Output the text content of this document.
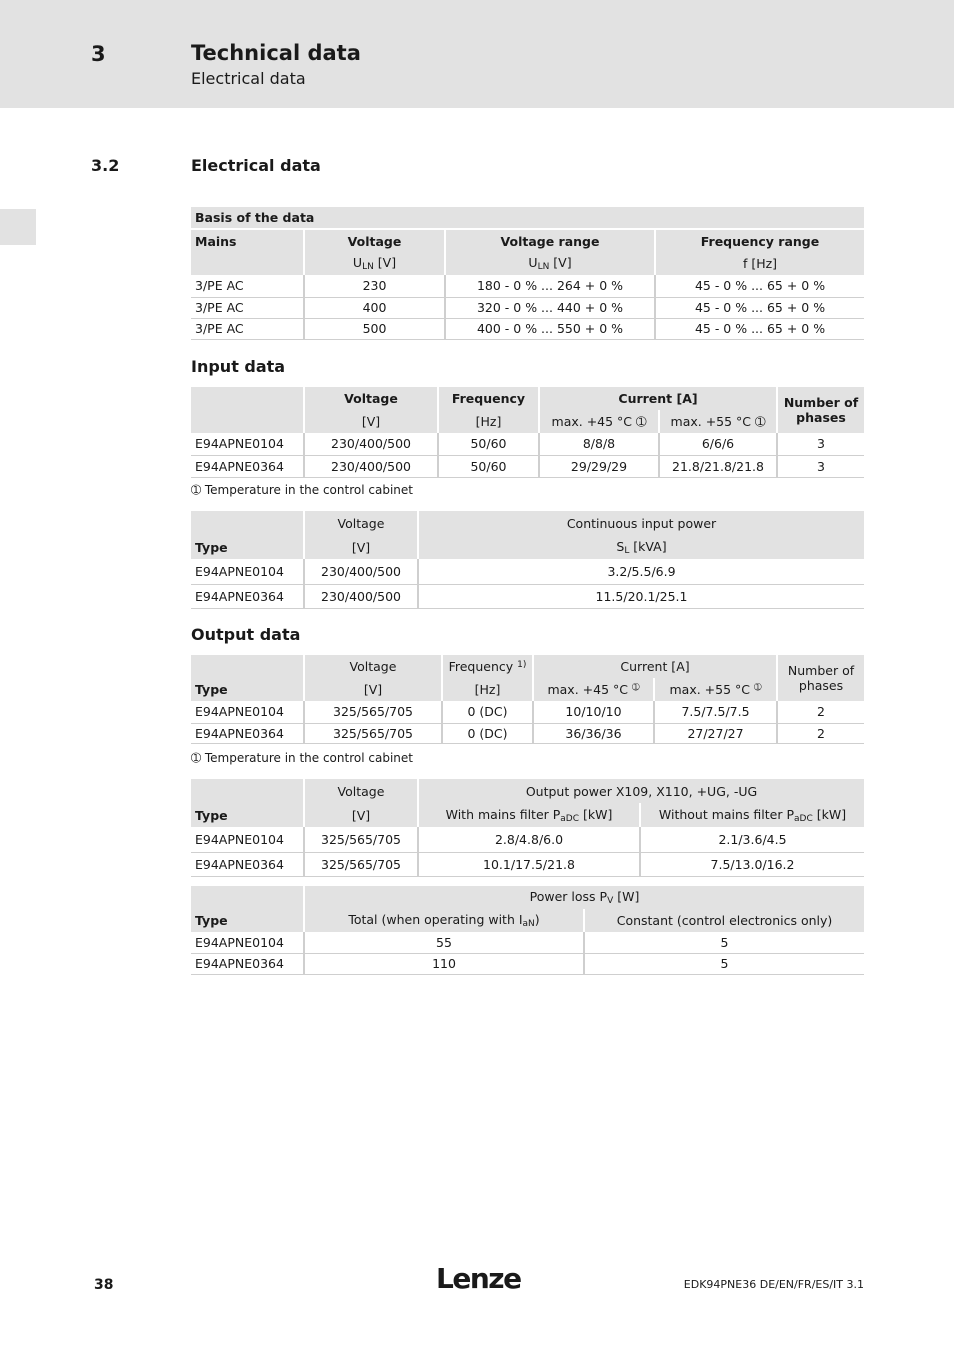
3	Technical data
Electrical data
3.2	Electrical data
Basis of the data			
Mains	Voltage	Voltage range	Frequency range
	$U_{LN}$ [V]	$U_{LN}$ [V]	f [Hz]
3/PE AC	230	180 - 0 % ... 264 + 0 %	45 - 0 % ... 65 + 0 %
3/PE AC	400	320 - 0 % ... 440 + 0 %	45 - 0 % ... 65 + 0 %
3/PE AC	500	400 - 0 % ... 550 + 0 %	45 - 0 % ... 65 + 0 %
Input data
	Voltage	Frequency	Current [A]		Number of phases
	[V]	[Hz]	max. +45 °C ➀	max. +55 °C ➀	
E94APNE0104	230/400/500	50/60	8/8/8	6/6/6	3
E94APNE0364	230/400/500	50/60	29/29/29	21.8/21.8/21.8	3
➀ Temperature in the control cabinet
	Voltage	Continuous input power
Type	[V]	$S_L$ [kVA]
E94APNE0104	230/400/500	3.2/5.5/6.9
E94APNE0364	230/400/500	11.5/20.1/25.1
Output data
	Voltage	Frequency $^{1)}$	Current [A]		Number of phases
Type	[V]	[Hz]	max. +45 °C $^➀$	max. +55 °C $^➀$
E94APNE0104	325/565/705	0 (DC)	10/10/10	7.5/7.5/7.5	2
E94APNE0364	325/565/705	0 (DC)	36/36/36	27/27/27	2
➀ Temperature in the control cabinet
	Voltage	Output power X109, X110, +UG, -UG	
Type	[V]	With mains filter $P_{aDC}$ [kW]	Without mains filter $P_{aDC}$ [kW]
E94APNE0104	325/565/705	2.8/4.8/6.0	2.1/3.6/4.5
E94APNE0364	325/565/705	10.1/17.5/21.8	7.5/13.0/16.2
	Power loss $P_V$ [W]	
Type	Total (when operating with $I_{aN}$)	Constant (control electronics only)
E94APNE0104	55	5
E94APNE0364	110	5
38	Lenze	EDK94PNE36 DE/EN/FR/ES/IT 3.1
